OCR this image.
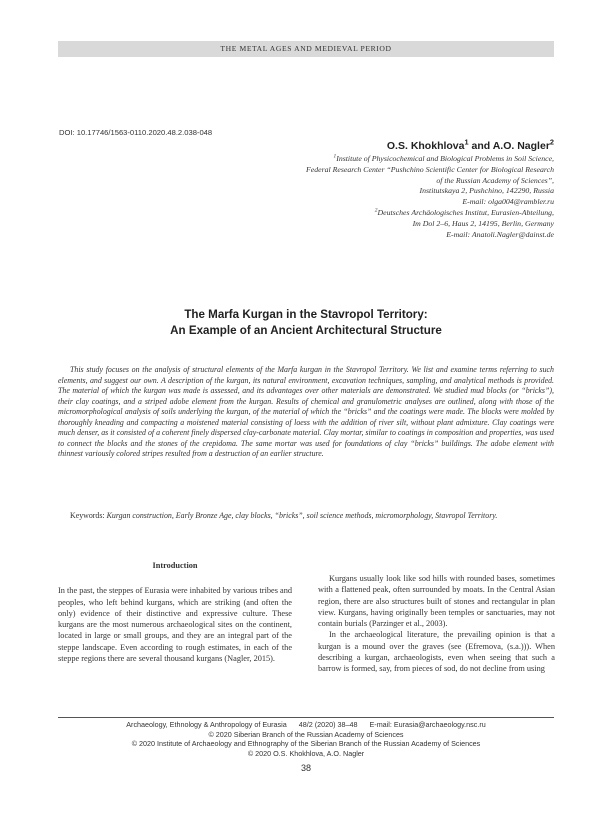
THE METAL AGES AND MEDIEVAL PERIOD
DOI: 10.17746/1563-0110.2020.48.2.038-048
O.S. Khokhlova$^1$ and A.O. Nagler$^2$
$^1$Institute of Physicochemical and Biological Problems in Soil Science,
Federal Research Center “Pushchino Scientific Center for Biological Research
of the Russian Academy of Sciences”,
Institutskaya 2, Pushchino, 142290, Russia
E-mail: olga004@rambler.ru
$^2$Deutsches Archäologisches Institut, Eurasien-Abteilung,
Im Dol 2–6, Haus 2, 14195, Berlin, Germany
E-mail: Anatoli.Nagler@dainst.de
The Marfa Kurgan in the Stavropol Territory:
An Example of an Ancient Architectural Structure
This study focuses on the analysis of structural elements of the Marfa kurgan in the Stavropol Territory. We list and examine terms referring to such elements, and suggest our own. A description of the kurgan, its natural environment, excavation techniques, sampling, and analytical methods is provided. The material of which the kurgan was made is assessed, and its advantages over other materials are demonstrated. We studied mud blocks (or “bricks”), their clay coatings, and a striped adobe element from the kurgan. Results of chemical and granulometric analyses are outlined, along with those of the micromorphological analysis of soils underlying the kurgan, of the material of which the “bricks” and the coatings were made. The blocks were molded by thoroughly kneading and compacting a moistened material consisting of loess with the addition of river silt, without plant admixture. Clay coatings were much denser, as it consisted of a coherent finely dispersed clay-carbonate material. Clay mortar, similar to coatings in composition and properties, was used to connect the blocks and the stones of the crepidoma. The same mortar was used for foundations of clay “bricks” buildings. The adobe element with thinnest variously colored stripes resulted from a destruction of an earlier structure.
Keywords: Kurgan construction, Early Bronze Age, clay blocks, “bricks”, soil science methods, micromorphology, Stavropol Territory.
Introduction

In the past, the steppes of Eurasia were inhabited by various tribes and peoples, who left behind kurgans, which are striking (and often the only) evidence of their distinctive and expressive culture. These kurgans are the most numerous archaeological sites on the continent, located in large or small groups, and they are an integral part of the steppe landscape. Even according to rough estimates, in each of the steppe regions there are several thousand kurgans (Nagler, 2015).

Kurgans usually look like sod hills with rounded bases, sometimes with a flattened peak, often surrounded by moats. In the Central Asian region, there are also structures built of stones and rectangular in plan view. Kurgans, having originally been temples or sanctuaries, may not contain burials (Parzinger et al., 2003).

In the archaeological literature, the prevailing opinion is that a kurgan is a mound over the graves (see (Efremova, (s.a.))). When describing a kurgan, archaeologists, even when seeing that such a barrow is formed, say, from pieces of sod, do not decline from using

Archaeology, Ethnology & Anthropology of Eurasia 48/2 (2020) 38–48 E-mail: Eurasia@archaeology.nsc.ru
© 2020 Siberian Branch of the Russian Academy of Sciences
© 2020 Institute of Archaeology and Ethnography of the Siberian Branch of the Russian Academy of Sciences
© 2020 O.S. Khokhlova, A.O. Nagler
38
